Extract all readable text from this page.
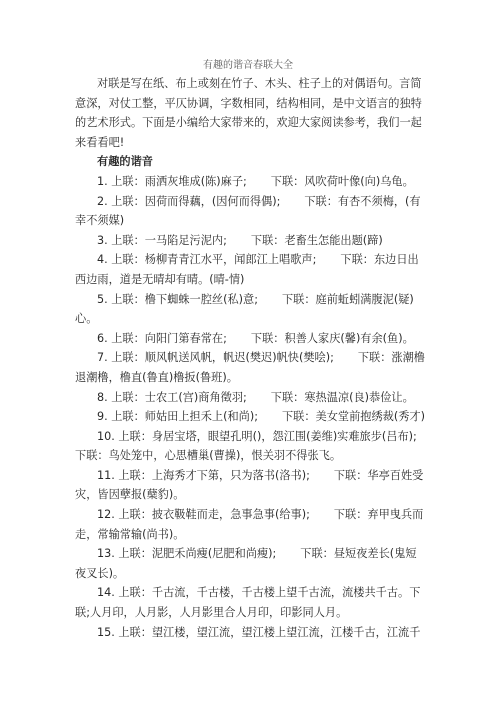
有趣的谐音春联大全

对联是写在纸、布上或刻在竹子、木头、柱子上的对偶语句。言简意深，对仗工整，平仄协调，字数相同，结构相同，是中文语言的独特的艺术形式。下面是小编给大家带来的，欢迎大家阅读参考，我们一起来看看吧!

有趣的谐音

1. 上联：雨洒灰堆成(陈)麻子; 下联：风吹荷叶像(向)乌龟。

2. 上联：因荷而得藕，(因何而得偶); 下联：有杏不须梅，(有幸不须媒)

3. 上联：一马陷足污泥内; 下联：老畜生怎能出题(蹄)

4. 上联：杨柳青青江水平，闻郎江上唱歌声; 下联：东边日出西边雨，道是无晴却有晴。(晴-情)

5. 上联：橹下蜘蛛一腔丝(私)意; 下联：庭前蚯蚓满腹泥(疑)心。

6. 上联：向阳门第春常在; 下联：积善人家庆(馨)有余(鱼)。

7. 上联：顺风帆送风帆，帆迟(樊迟)帆快(樊哙); 下联：涨潮橹退潮橹，橹直(鲁直)橹扳(鲁班)。

8. 上联：士农工(宫)商角徵羽; 下联：寒热温凉(良)恭俭让。

9. 上联：师姑田上担禾上(和尚); 下联：美女堂前抱绣裁(秀才)

10. 上联：身居宝塔，眼望孔明()，怨江围(姜维)实难旅步(吕布);下联：鸟处笼中，心思槽巢(曹操)，恨关羽不得张飞。

11. 上联：上海秀才下第，只为落书(洛书); 下联：华亭百姓受灾，皆因孽报(蘖豹)。

12. 上联：披衣靸鞋而走，急事急事(给事); 下联：弃甲曳兵而走，常输常输(尚书)。

13. 上联：泥肥禾尚瘦(尼肥和尚瘦); 下联：昼短夜差长(鬼短夜叉长)。

14. 上联：千古流，千古楼，千古楼上望千古流，流楼共千古。下联;人月印，人月影，人月影里合人月印，印影同人月。

15. 上联：望江楼，望江流，望江楼上望江流，江楼千古，江流千
